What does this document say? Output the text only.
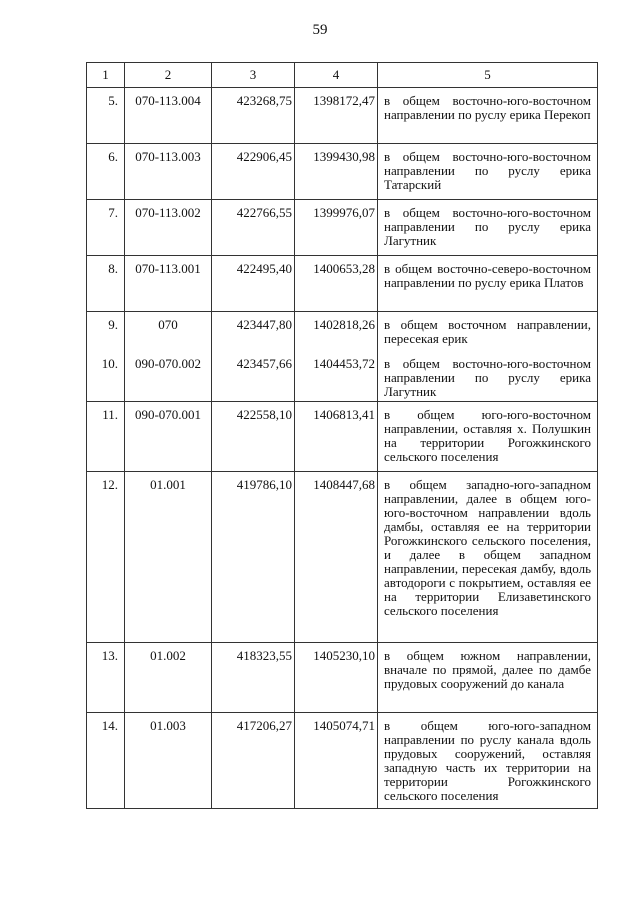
59
1	2	3	4	5
5.	070-113.004	423268,75	1398172,47	в общем восточно-юго-восточном направлении по руслу ерика Перекоп
6.	070-113.003	422906,45	1399430,98	в общем восточно-юго-восточном направлении по руслу ерика Татарский
7.	070-113.002	422766,55	1399976,07	в общем восточно-юго-восточном направлении по руслу ерика Лагутник
8.	070-113.001	422495,40	1400653,28	в общем восточно-северо-восточном направлении по руслу ерика Платов
9.	070	423447,80	1402818,26	в общем восточном направлении, пересекая ерик
10.	090-070.002	423457,66	1404453,72	в общем восточно-юго-восточном направлении по руслу ерика Лагутник
11.	090-070.001	422558,10	1406813,41	в общем юго-юго-восточном направлении, оставляя х. Полушкин на территории Рогожкинского сельского поселения
12.	01.001	419786,10	1408447,68	в общем западно-юго-западном направлении, далее в общем юго-юго-восточном направлении вдоль дамбы, оставляя ее на территории Рогожкинского сельского поселения, и далее в общем западном направлении, пересекая дамбу, вдоль автодороги с покрытием, оставляя ее на территории Елизаветинского сельского поселения
13.	01.002	418323,55	1405230,10	в общем южном направлении, вначале по прямой, далее по дамбе прудовых сооружений до канала
14.	01.003	417206,27	1405074,71	в общем юго-юго-западном направлении по руслу канала вдоль прудовых сооружений, оставляя западную часть их территории на территории Рогожкинского сельского поселения
